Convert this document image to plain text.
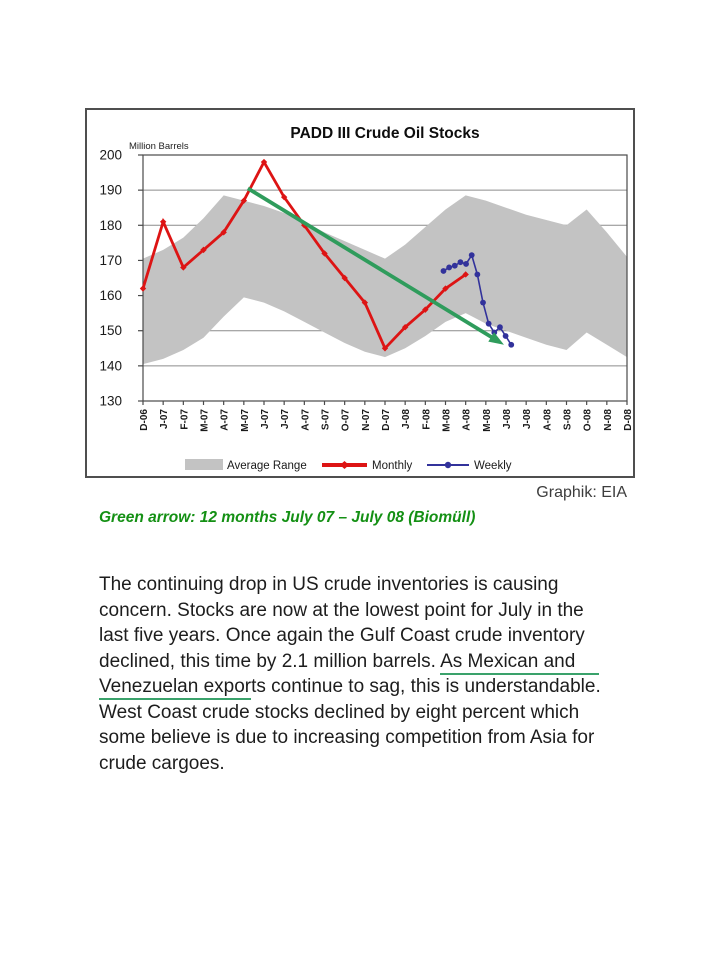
130
140
150
160
170
180
190
200
D-06 J-07 F-07 M-07 A-07 M-07 J-07 J-07 A-07 S-07 O-07 N-07 D-07 J-08 F-08 M-08 A-08 M-08 J-08 J-08 A-08 S-08 O-08 N-08 D-08
PADD III Crude Oil Stocks
Million Barrels
Average Range	Monthly	Weekly
Graphik: EIA
Green arrow: 12 months July 07 – July 08 (Biomüll)
The continuing drop in US crude inventories is causing
concern. Stocks are now at the lowest point for July in the
last five years. Once again the Gulf Coast crude inventory
declined, this time by 2.1 million barrels. As Mexican and
Venezuelan exports continue to sag, this is understandable.
West Coast crude stocks declined by eight percent which
some believe is due to increasing competition from Asia for
crude cargoes.
